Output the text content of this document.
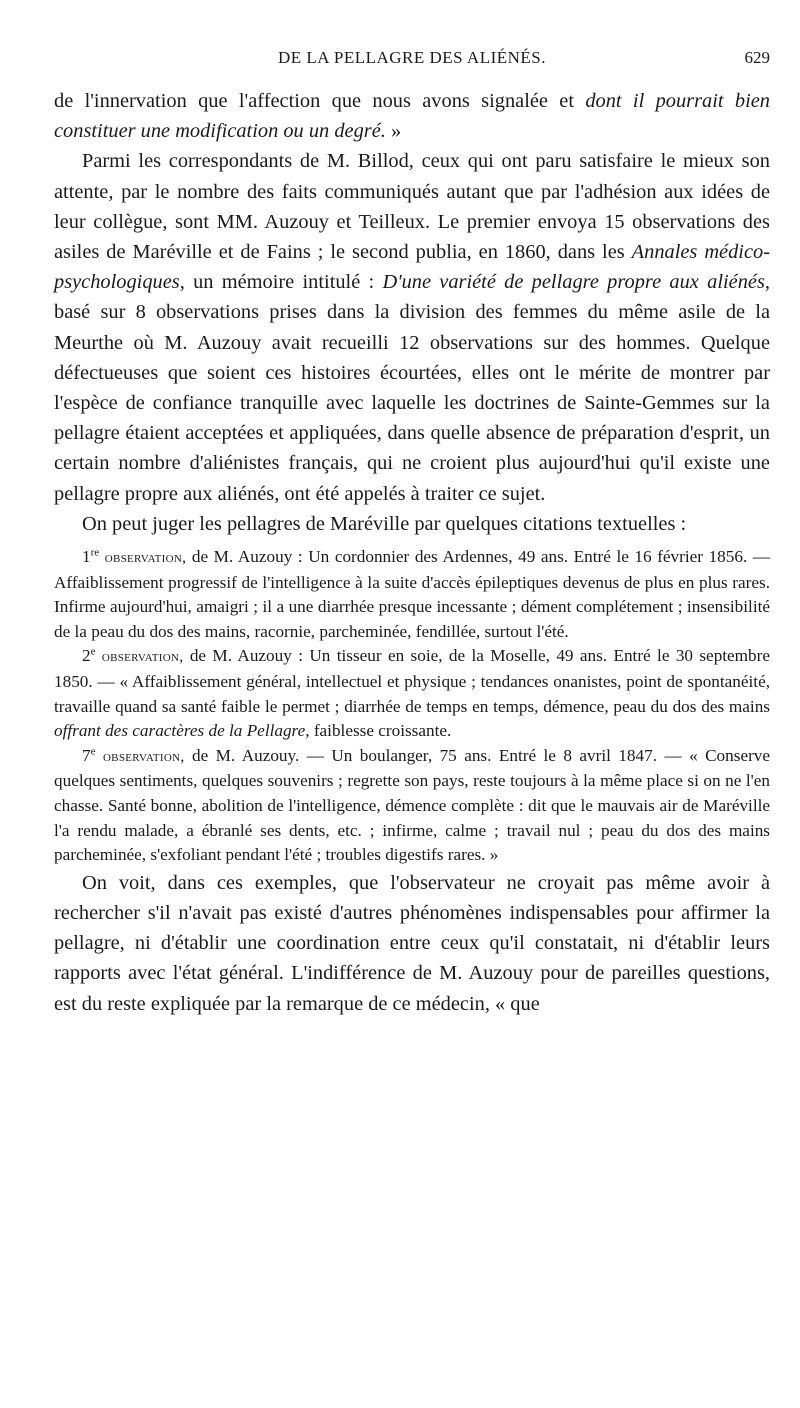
DE LA PELLAGRE DES ALIÉNÉS.	629

de l'innervation que l'affection que nous avons signalée et dont il pourrait bien constituer une modification ou un degré. »

Parmi les correspondants de M. Billod, ceux qui ont paru satisfaire le mieux son attente, par le nombre des faits communiqués autant que par l'adhésion aux idées de leur collègue, sont MM. Auzouy et Teilleux. Le premier envoya 15 observations des asiles de Maréville et de Fains ; le second publia, en 1860, dans les Annales médico-psychologiques, un mémoire intitulé : D'une variété de pellagre propre aux aliénés, basé sur 8 observations prises dans la division des femmes du même asile de la Meurthe où M. Auzouy avait recueilli 12 observations sur des hommes. Quelque défectueuses que soient ces histoires écourtées, elles ont le mérite de montrer par l'espèce de confiance tranquille avec laquelle les doctrines de Sainte-Gemmes sur la pellagre étaient acceptées et appliquées, dans quelle absence de préparation d'esprit, un certain nombre d'aliénistes français, qui ne croient plus aujourd'hui qu'il existe une pellagre propre aux aliénés, ont été appelés à traiter ce sujet.

On peut juger les pellagres de Maréville par quelques citations textuelles :

1re observation, de M. Auzouy : Un cordonnier des Ardennes, 49 ans. Entré le 16 février 1856. — Affaiblissement progressif de l'intelligence à la suite d'accès épileptiques devenus de plus en plus rares. Infirme aujourd'hui, amaigri ; il a une diarrhée presque incessante ; dément complétement ; insensibilité de la peau du dos des mains, racornie, parcheminée, fendillée, surtout l'été.

2e observation, de M. Auzouy : Un tisseur en soie, de la Moselle, 49 ans. Entré le 30 septembre 1850. — « Affaiblissement général, intellectuel et physique ; tendances onanistes, point de spontanéité, travaille quand sa santé faible le permet ; diarrhée de temps en temps, démence, peau du dos des mains offrant des caractères de la Pellagre, faiblesse croissante.

7e observation, de M. Auzouy. — Un boulanger, 75 ans. Entré le 8 avril 1847. — « Conserve quelques sentiments, quelques souvenirs ; regrette son pays, reste toujours à la même place si on ne l'en chasse. Santé bonne, abolition de l'intelligence, démence complète : dit que le mauvais air de Maréville l'a rendu malade, a ébranlé ses dents, etc. ; infirme, calme ; travail nul ; peau du dos des mains parcheminée, s'exfoliant pendant l'été ; troubles digestifs rares. »

On voit, dans ces exemples, que l'observateur ne croyait pas même avoir à rechercher s'il n'avait pas existé d'autres phénomènes indispensables pour affirmer la pellagre, ni d'établir une coordination entre ceux qu'il constatait, ni d'établir leurs rapports avec l'état général. L'indifférence de M. Auzouy pour de pareilles questions, est du reste expliquée par la remarque de ce médecin, « que
